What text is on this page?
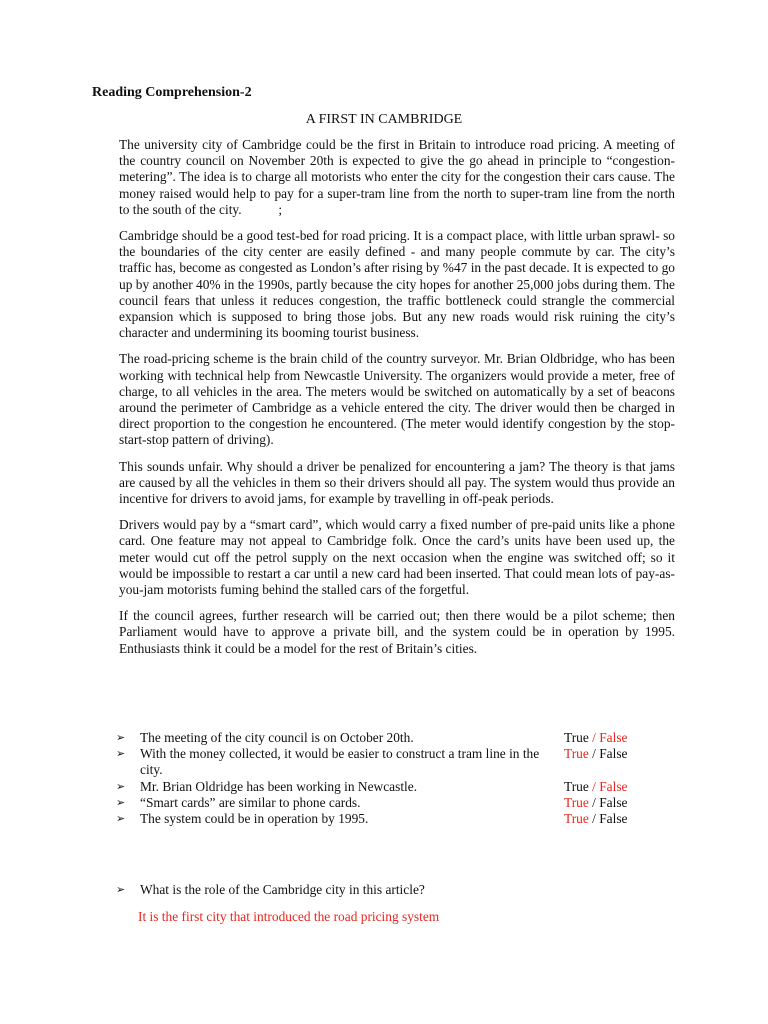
Reading Comprehension-2

A FIRST IN CAMBRIDGE

The university city of Cambridge could be the first in Britain to introduce road pricing. A meeting of the country council on November 20th is expected to give the go ahead in principle to “congestion-metering”. The idea is to charge all motorists who enter the city for the congestion their cars cause. The money raised would help to pay for a super-tram line from the north to super-tram line from the north to the south of the city.           ;

Cambridge should be a good test-bed for road pricing. It is a compact place, with little urban sprawl- so the boundaries of the city center are easily defined - and many people commute by car. The city’s traffic has, become as congested as London’s after rising by %47 in the past decade. It is expected to go up by another 40% in the 1990s, partly because the city hopes for another 25,000 jobs during them. The council fears that unless it reduces congestion, the traffic bottleneck could strangle the commercial expansion which is supposed to bring those jobs. But any new roads would risk ruining the city’s character and undermining its booming tourist business.

The road-pricing scheme is the brain child of the country surveyor. Mr. Brian Oldbridge, who has been working with technical help from Newcastle University. The organizers would provide a meter, free of charge, to all vehicles in the area. The meters would be switched on automatically by a set of beacons around the perimeter of Cambridge as a vehicle entered the city. The driver would then be charged in direct proportion to the congestion he encountered. (The meter would identify congestion by the stop-start-stop pattern of driving).

This sounds unfair. Why should a driver be penalized for encountering a jam? The theory is that jams are caused by all the vehicles in them so their drivers should all pay. The system would thus provide an incentive for drivers to avoid jams, for example by travelling in off-peak periods.

Drivers would pay by a “smart card”, which would carry a fixed number of pre-paid units like a phone card. One feature may not appeal to Cambridge folk. Once the card’s units have been used up, the meter would cut off the petrol supply on the next occasion when the engine was switched off; so it would be impossible to restart a car until a new card had been inserted. That could mean lots of pay-as-you-jam motorists fuming behind the stalled cars of the forgetful.

If the council agrees, further research will be carried out; then there would be a pilot scheme; then Parliament would have to approve a private bill, and the system could be in operation by 1995. Enthusiasts think it could be a model for the rest of Britain’s cities.

➢	The meeting of the city council is on October 20th.	True / False
➢	With the money collected, it would be easier to construct a tram line in the city.
True / False
➢	Mr. Brian Oldridge has been working in Newcastle.	True / False
➢	“Smart cards” are similar to phone cards.	True / False
➢	The system could be in operation by 1995.	True / False
➢	What is the role of the Cambridge city in this article?
It is the first city that introduced the road pricing system
